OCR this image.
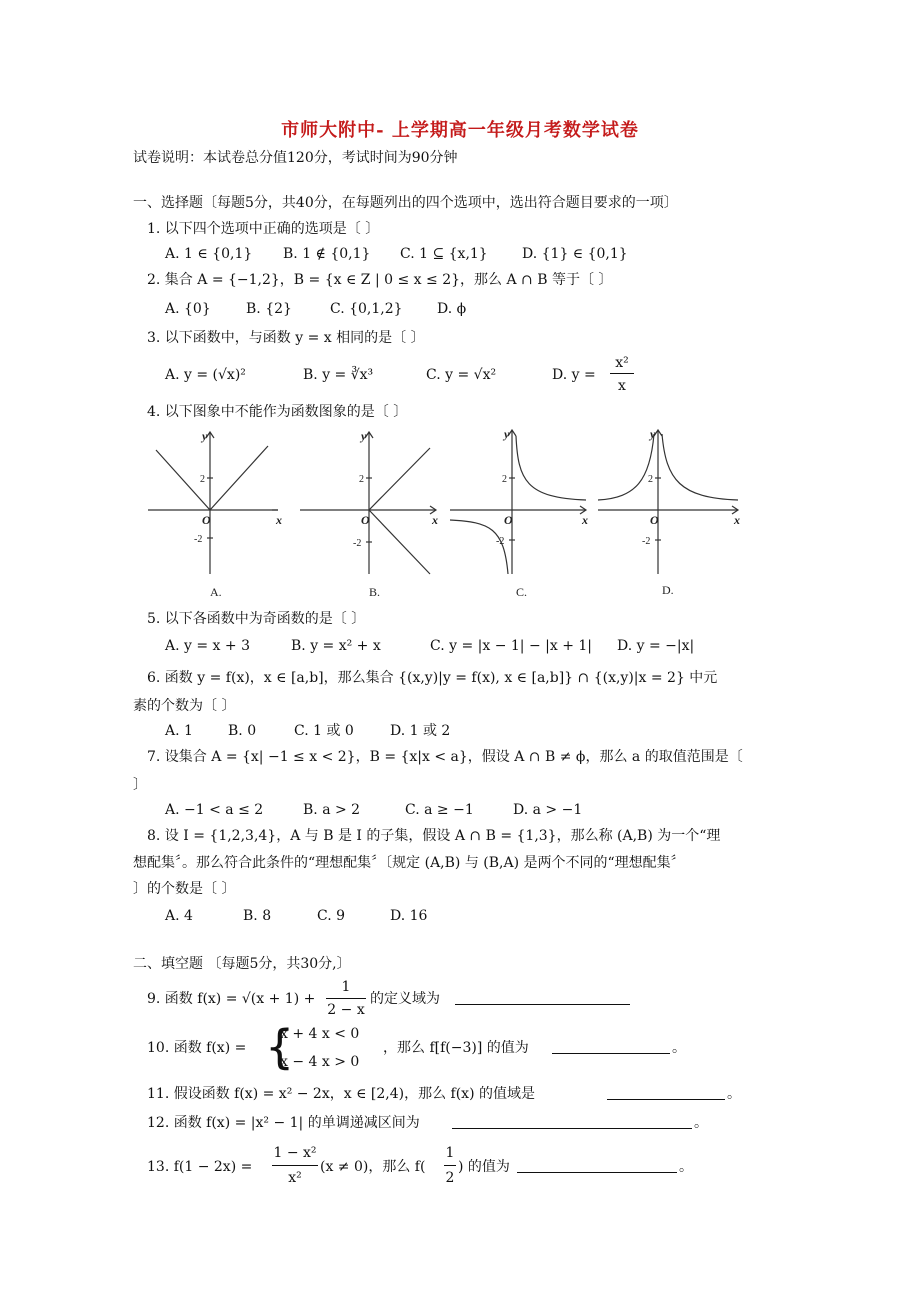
市师大附中- 上学期高一年级月考数学试卷
试卷说明：本试卷总分值120分，考试时间为90分钟
一、选择题〔每题5分，共40分，在每题列出的四个选项中，选出符合题目要求的一项〕
1. 以下四个选项中正确的选项是〔 〕
A. 1 ∈ {0,1} B. 1 ∉ {0,1} C. 1 ⊆ {x,1} D. {1} ∈ {0,1}
2. 集合 A = {−1,2}，B = {x ∈ Z | 0 ≤ x ≤ 2}，那么 A ∩ B 等于〔 〕
A. {0}	B. {2}	C. {0,1,2} D. ϕ
3. 以下函数中，与函数 y = x 相同的是〔 〕
A. y = (√x)²	B. y = ∛x³	C. y = √x²	D. y =
x²
x
4. 以下图象中不能作为函数图象的是〔 〕
y
x
O
y
x
O
y
x
O
y
x
O
2
-2
2
-2
2
-2
2
-2
A.	B.	C.	D.
5. 以下各函数中为奇函数的是〔 〕
A. y = x + 3	B. y = x² + x	C. y = |x − 1| − |x + 1| D. y = −|x|
6. 函数 y = f(x)，x ∈ [a,b]，那么集合 {(x,y)|y = f(x), x ∈ [a,b]} ∩ {(x,y)|x = 2} 中元
素的个数为〔 〕
A. 1	B. 0	C. 1 或 0	D. 1 或 2
7. 设集合 A = {x| −1 ≤ x < 2}，B = {x|x < a}，假设 A ∩ B ≠ ϕ，那么 a 的取值范围是〔
〕
A. −1 < a ≤ 2	B. a > 2	C. a ≥ −1	D. a > −1
8. 设 I = {1,2,3,4}，A 与 B 是 I 的子集，假设 A ∩ B = {1,3}，那么称 (A,B) 为一个“理
想配集〞。那么符合此条件的“理想配集〞〔规定 (A,B) 与 (B,A) 是两个不同的“理想配集〞
〕的个数是〔 〕
A. 4	B. 8	C. 9	D. 16
二、填空题 〔每题5分，共30分,〕
9. 函数 f(x) = √(x + 1) +
1
2 − x
的定义域为
10. 函数 f(x) = {
x + 4 x < 0
x − 4 x > 0
，那么 f[f(−3)] 的值为	。
11. 假设函数 f(x) = x² − 2x，x ∈ [2,4)，那么 f(x) 的值域是	。
12. 函数 f(x) = |x² − 1| 的单调递减区间为	。
13. f(1 − 2x) =
1 − x²
x²
(x ≠ 0)，那么 f(
1
2
) 的值为	。
